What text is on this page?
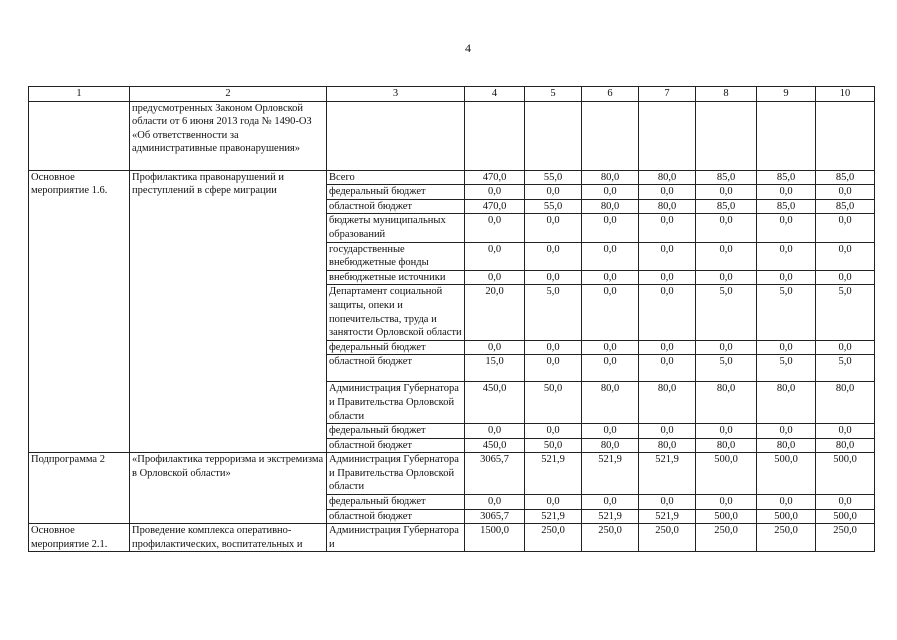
4
1	2	3	4	5	6	7	8	9	10
	предусмотренных Законом Орловской области от 6 июня 2013 года № 1490-ОЗ «Об ответственности за административные правонарушения»								
Основное мероприятие 1.6.	Профилактика правонарушений и преступлений в сфере миграции	Всего	470,0	55,0	80,0	80,0	85,0	85,0	85,0
		федеральный бюджет	0,0	0,0	0,0	0,0	0,0	0,0	0,0
		областной бюджет	470,0	55,0	80,0	80,0	85,0	85,0	85,0
		бюджеты муниципальных образований	0,0	0,0	0,0	0,0	0,0	0,0	0,0
		государственные внебюджетные фонды	0,0	0,0	0,0	0,0	0,0	0,0	0,0
		внебюджетные источники	0,0	0,0	0,0	0,0	0,0	0,0	0,0
		Департамент социальной защиты, опеки и попечительства, труда и занятости Орловской области	20,0	5,0	0,0	0,0	5,0	5,0	5,0
		федеральный бюджет	0,0	0,0	0,0	0,0	0,0	0,0	0,0
		областной бюджет	15,0	0,0	0,0	0,0	5,0	5,0	5,0
		Администрация Губернатора и Правительства Орловской области	450,0	50,0	80,0	80,0	80,0	80,0	80,0
		федеральный бюджет	0,0	0,0	0,0	0,0	0,0	0,0	0,0
		областной бюджет	450,0	50,0	80,0	80,0	80,0	80,0	80,0
Подпрограмма 2	«Профилактика терроризма и экстремизма в Орловской области»	Администрация Губернатора и Правительства Орловской области	3065,7	521,9	521,9	521,9	500,0	500,0	500,0
		федеральный бюджет	0,0	0,0	0,0	0,0	0,0	0,0	0,0
		областной бюджет	3065,7	521,9	521,9	521,9	500,0	500,0	500,0
Основное мероприятие 2.1.	Проведение комплекса оперативно-профилактических, воспитательных и	Администрация Губернатора и	1500,0	250,0	250,0	250,0	250,0	250,0	250,0
